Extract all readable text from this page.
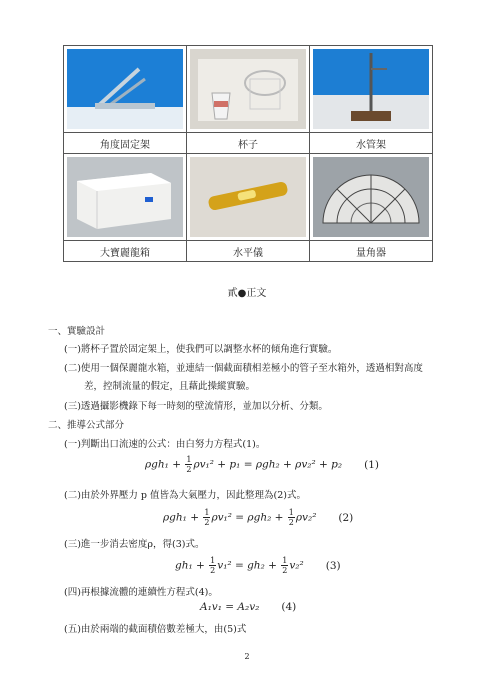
角度固定架	杯子	水管架

大寶麗龍箱	水平儀	量角器
貳●正文
一、實驗設計
(一)將杯子置於固定架上，使我們可以調整水杯的傾角進行實驗。
(二)使用一個保麗龍水箱，並連結一個截面積相差極小的管子至水箱外，透過相對高度
差，控制流量的假定，且藉此操縱實驗。
(三)透過攝影機錄下每一時刻的壁流情形，並加以分析、分類。
二、推導公式部分
(一)判斷出口流速的公式：由白努力方程式(1)。
$\rho gh_1 + \frac{1}{2} \rho v_1^2 + p_1 = \rho gh_2 + \rho v_2^2 + p_2$ (1)
(二)由於外界壓力 p 值皆為大氣壓力，因此整理為(2)式。
$\rho gh_1 + \frac{1}{2} \rho v_1^2 = \rho gh_2 + \frac{1}{2} \rho v_2^2$ (2)
(三)進一步消去密度ρ，得(3)式。
$gh_1 + \frac{1}{2} v_1^2 = gh_2 + \frac{1}{2} v_2^2$ (3)
(四)再根據流體的連續性方程式(4)。
A₁v₁ = A₂v₂ (4)
(五)由於兩端的截面積倍數差極大，由(5)式
2
